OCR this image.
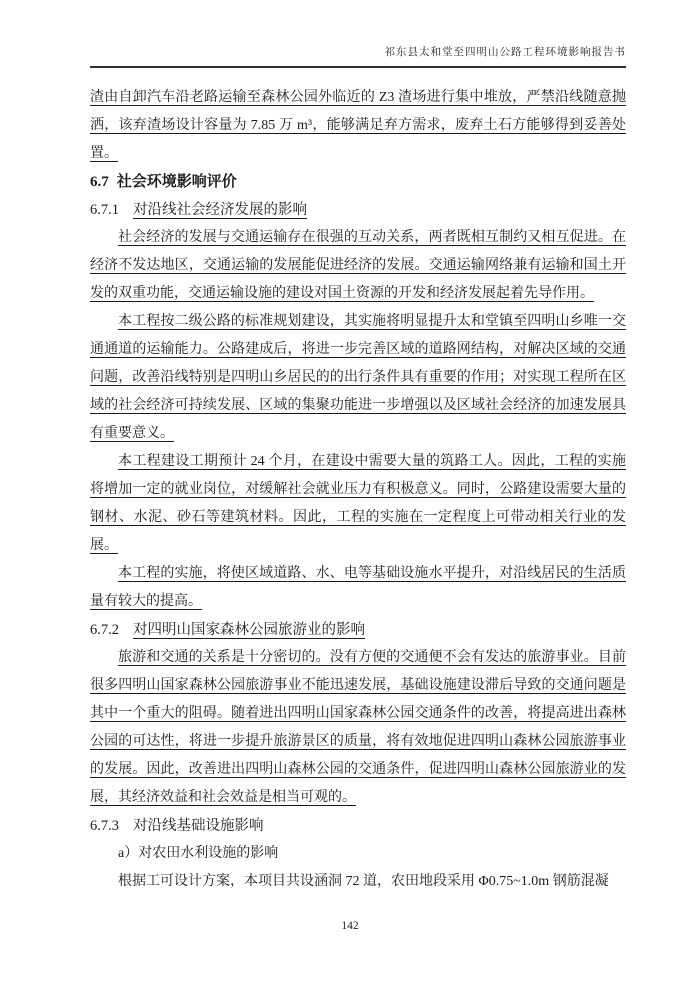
祁东县太和堂至四明山公路工程环境影响报告书

渣由自卸汽车沿老路运输至森林公园外临近的 Z3 渣场进行集中堆放，严禁沿线随意抛洒，该弃渣场设计容量为 7.85 万 m³，能够满足弃方需求，废弃土石方能够得到妥善处置。

6.7 社会环境影响评价
6.7.1 对沿线社会经济发展的影响

社会经济的发展与交通运输存在很强的互动关系，两者既相互制约又相互促进。在经济不发达地区，交通运输的发展能促进经济的发展。交通运输网络兼有运输和国土开发的双重功能，交通运输设施的建设对国土资源的开发和经济发展起着先导作用。

本工程按二级公路的标准规划建设，其实施将明显提升太和堂镇至四明山乡唯一交通通道的运输能力。公路建成后，将进一步完善区域的道路网结构，对解决区域的交通问题，改善沿线特别是四明山乡居民的的出行条件具有重要的作用；对实现工程所在区域的社会经济可持续发展、区域的集聚功能进一步增强以及区域社会经济的加速发展具有重要意义。

本工程建设工期预计 24 个月，在建设中需要大量的筑路工人。因此，工程的实施将增加一定的就业岗位，对缓解社会就业压力有积极意义。同时，公路建设需要大量的钢材、水泥、砂石等建筑材料。因此，工程的实施在一定程度上可带动相关行业的发展。

本工程的实施，将使区域道路、水、电等基础设施水平提升，对沿线居民的生活质量有较大的提高。

6.7.2 对四明山国家森林公园旅游业的影响

旅游和交通的关系是十分密切的。没有方便的交通便不会有发达的旅游事业。目前很多四明山国家森林公园旅游事业不能迅速发展，基础设施建设滞后导致的交通问题是其中一个重大的阻碍。随着进出四明山国家森林公园交通条件的改善，将提高进出森林公园的可达性，将进一步提升旅游景区的质量，将有效地促进四明山森林公园旅游事业的发展。因此，改善进出四明山森林公园的交通条件，促进四明山森林公园旅游业的发展，其经济效益和社会效益是相当可观的。

6.7.3 对沿线基础设施影响

a）对农田水利设施的影响

根据工可设计方案，本项目共设涵洞 72 道，农田地段采用 Φ0.75~1.0m 钢筋混凝

142
